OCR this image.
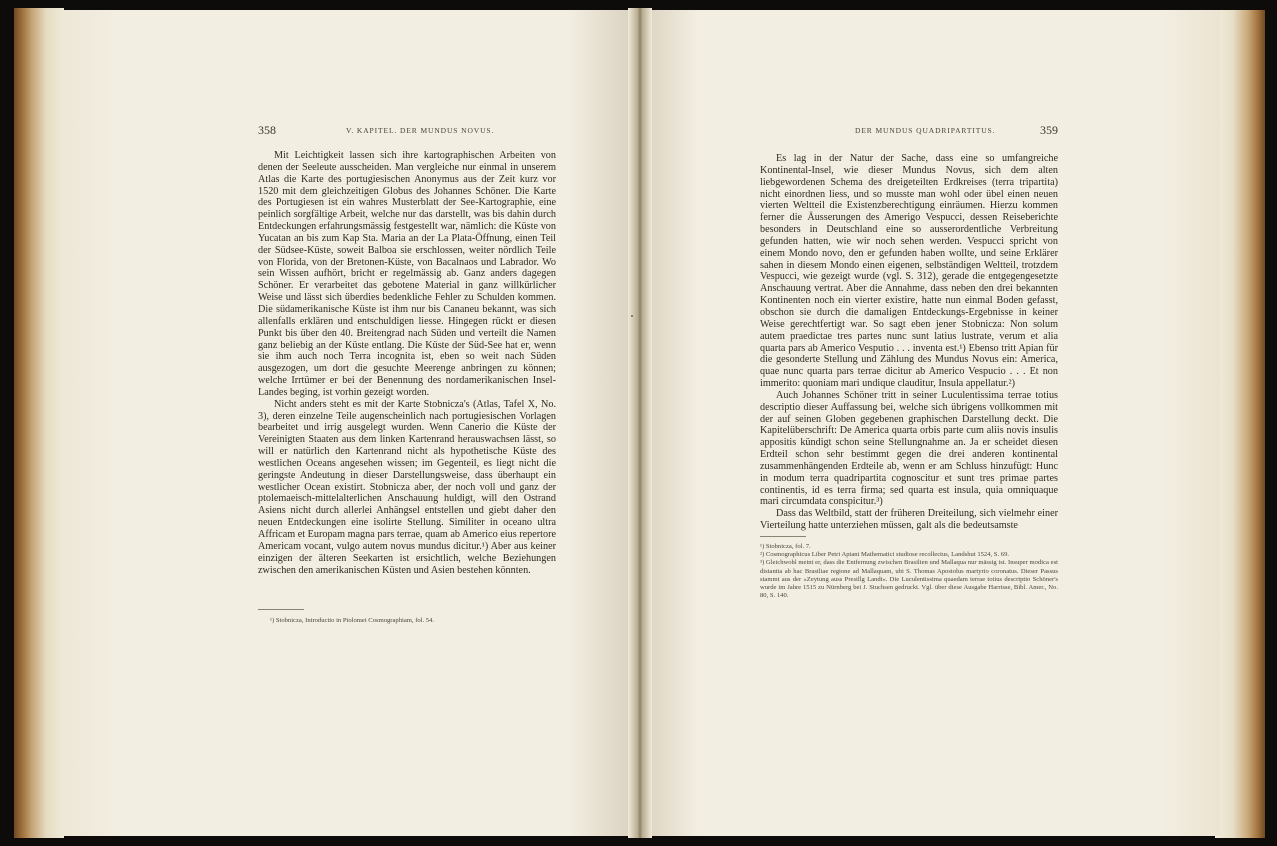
358	V. KAPITEL. DER MUNDUS NOVUS.

Mit Leichtigkeit lassen sich ihre kartographischen Arbeiten von denen der Seeleute ausscheiden. Man vergleiche nur einmal in unserem Atlas die Karte des portugiesischen Anonymus aus der Zeit kurz vor 1520 mit dem gleichzeitigen Globus des Johannes Schöner. Die Karte des Portugiesen ist ein wahres Musterblatt der See-Kartographie, eine peinlich sorgfältige Arbeit, welche nur das darstellt, was bis dahin durch Entdeckungen erfahrungsmässig festgestellt war, nämlich: die Küste von Yucatan an bis zum Kap Sta. Maria an der La Plata-Öffnung, einen Teil der Südsee-Küste, soweit Balboa sie erschlossen, weiter nördlich Teile von Florida, von der Bretonen-Küste, von Bacalnaos und Labrador. Wo sein Wissen aufhört, bricht er regelmässig ab. Ganz anders dagegen Schöner. Er verarbeitet das gebotene Material in ganz willkürlicher Weise und lässt sich überdies bedenkliche Fehler zu Schulden kommen. Die südamerikanische Küste ist ihm nur bis Cananeu bekannt, was sich allenfalls erklären und entschuldigen liesse. Hingegen rückt er diesen Punkt bis über den 40. Breitengrad nach Süden und verteilt die Namen ganz beliebig an der Küste entlang. Die Küste der Süd-See hat er, wenn sie ihm auch noch Terra incognita ist, eben so weit nach Süden ausgezogen, um dort die gesuchte Meerenge anbringen zu können; welche Irrtümer er bei der Benennung des nordamerikanischen Insel-Landes beging, ist vorhin gezeigt worden.

Nicht anders steht es mit der Karte Stobnicza's (Atlas, Tafel X, No. 3), deren einzelne Teile augenscheinlich nach portugiesischen Vorlagen bearbeitet und irrig ausgelegt wurden. Wenn Canerio die Küste der Vereinigten Staaten aus dem linken Kartenrand herauswachsen lässt, so will er natürlich den Kartenrand nicht als hypothetische Küste des westlichen Oceans angesehen wissen; im Gegenteil, es liegt nicht die geringste Andeutung in dieser Darstellungsweise, dass überhaupt ein westlicher Ocean existirt. Stobnicza aber, der noch voll und ganz der ptolemaeisch-mittelalterlichen Anschauung huldigt, will den Ostrand Asiens nicht durch allerlei Anhängsel entstellen und giebt daher den neuen Entdeckungen eine isolirte Stellung. Similiter in oceano ultra Affricam et Europam magna pars terrae, quam ab Americo eius repertore Americam vocant, vulgo autem novus mundus dicitur.¹) Aber aus keiner einzigen der älteren Seekarten ist ersichtlich, welche Beziehungen zwischen den amerikanischen Küsten und Asien bestehen könnten.

¹) Stobnicza, Introductio in Ptolomei Cosmographiam, fol. 54.

DER MUNDUS QUADRIPARTITUS.	359

Es lag in der Natur der Sache, dass eine so umfangreiche Kontinental-Insel, wie dieser Mundus Novus, sich dem alten liebgewordenen Schema des dreigeteilten Erdkreises (terra tripartita) nicht einordnen liess, und so musste man wohl oder übel einen neuen vierten Weltteil die Existenzberechtigung einräumen. Hierzu kommen ferner die Äusserungen des Amerigo Vespucci, dessen Reiseberichte besonders in Deutschland eine so ausserordentliche Verbreitung gefunden hatten, wie wir noch sehen werden. Vespucci spricht von einem Mondo novo, den er gefunden haben wollte, und seine Erklärer sahen in diesem Mondo einen eigenen, selbständigen Weltteil, trotzdem Vespucci, wie gezeigt wurde (vgl. S. 312), gerade die entgegengesetzte Anschauung vertrat. Aber die Annahme, dass neben den drei bekannten Kontinenten noch ein vierter existire, hatte nun einmal Boden gefasst, obschon sie durch die damaligen Entdeckungs-Ergebnisse in keiner Weise gerechtfertigt war. So sagt eben jener Stobnicza: Non solum autem praedictae tres partes nunc sunt latius lustrate, verum et alia quarta pars ab Americo Vesputio . . . inventa est.¹) Ebenso tritt Apian für die gesonderte Stellung und Zählung des Mundus Novus ein: America, quae nunc quarta pars terrae dicitur ab Americo Vespucio . . . Et non immerito: quoniam mari undique clauditur, Insula appellatur.²)

Auch Johannes Schöner tritt in seiner Luculentissima terrae totius descriptio dieser Auffassung bei, welche sich übrigens vollkommen mit der auf seinen Globen gegebenen graphischen Darstellung deckt. Die Kapitelüberschrift: De America quarta orbis parte cum aliis novis insulis appositis kündigt schon seine Stellungnahme an. Ja er scheidet diesen Erdteil schon sehr bestimmt gegen die drei anderen kontinental zusammenhängenden Erdteile ab, wenn er am Schluss hinzufügt: Hunc in modum terra quadripartita cognoscitur et sunt tres primae partes continentis, id es terra firma; sed quarta est insula, quia omniquaque mari circumdata conspicitur.³)

Dass das Weltbild, statt der früheren Dreiteilung, sich vielmehr einer Vierteilung hatte unterziehen müssen, galt als die bedeutsamste

¹) Stobnicza, fol. 7.

²) Cosmographicus Liber Petri Apiani Mathematici studiose recollectus, Landshut 1524, S. 69.

³) Gleichwohl meint er, dass die Entfernung zwischen Brasilien und Mallaqua nur mässig ist. Insuper modica est distantia ab hac Brasiliae regione ad Mallaquam, ubi S. Thomas Apostolus martyrio coronatus. Dieser Passus stammt aus der »Zeytung auss Presillg Landt«. Die Luculentissima quaedam terrae totius descriptio Schöner's wurde im Jahre 1515 zu Nürnberg bei J. Stuchsen gedruckt. Vgl. über diese Ausgabe Harrisse, Bibl. Amer., No. 80, S. 140.
